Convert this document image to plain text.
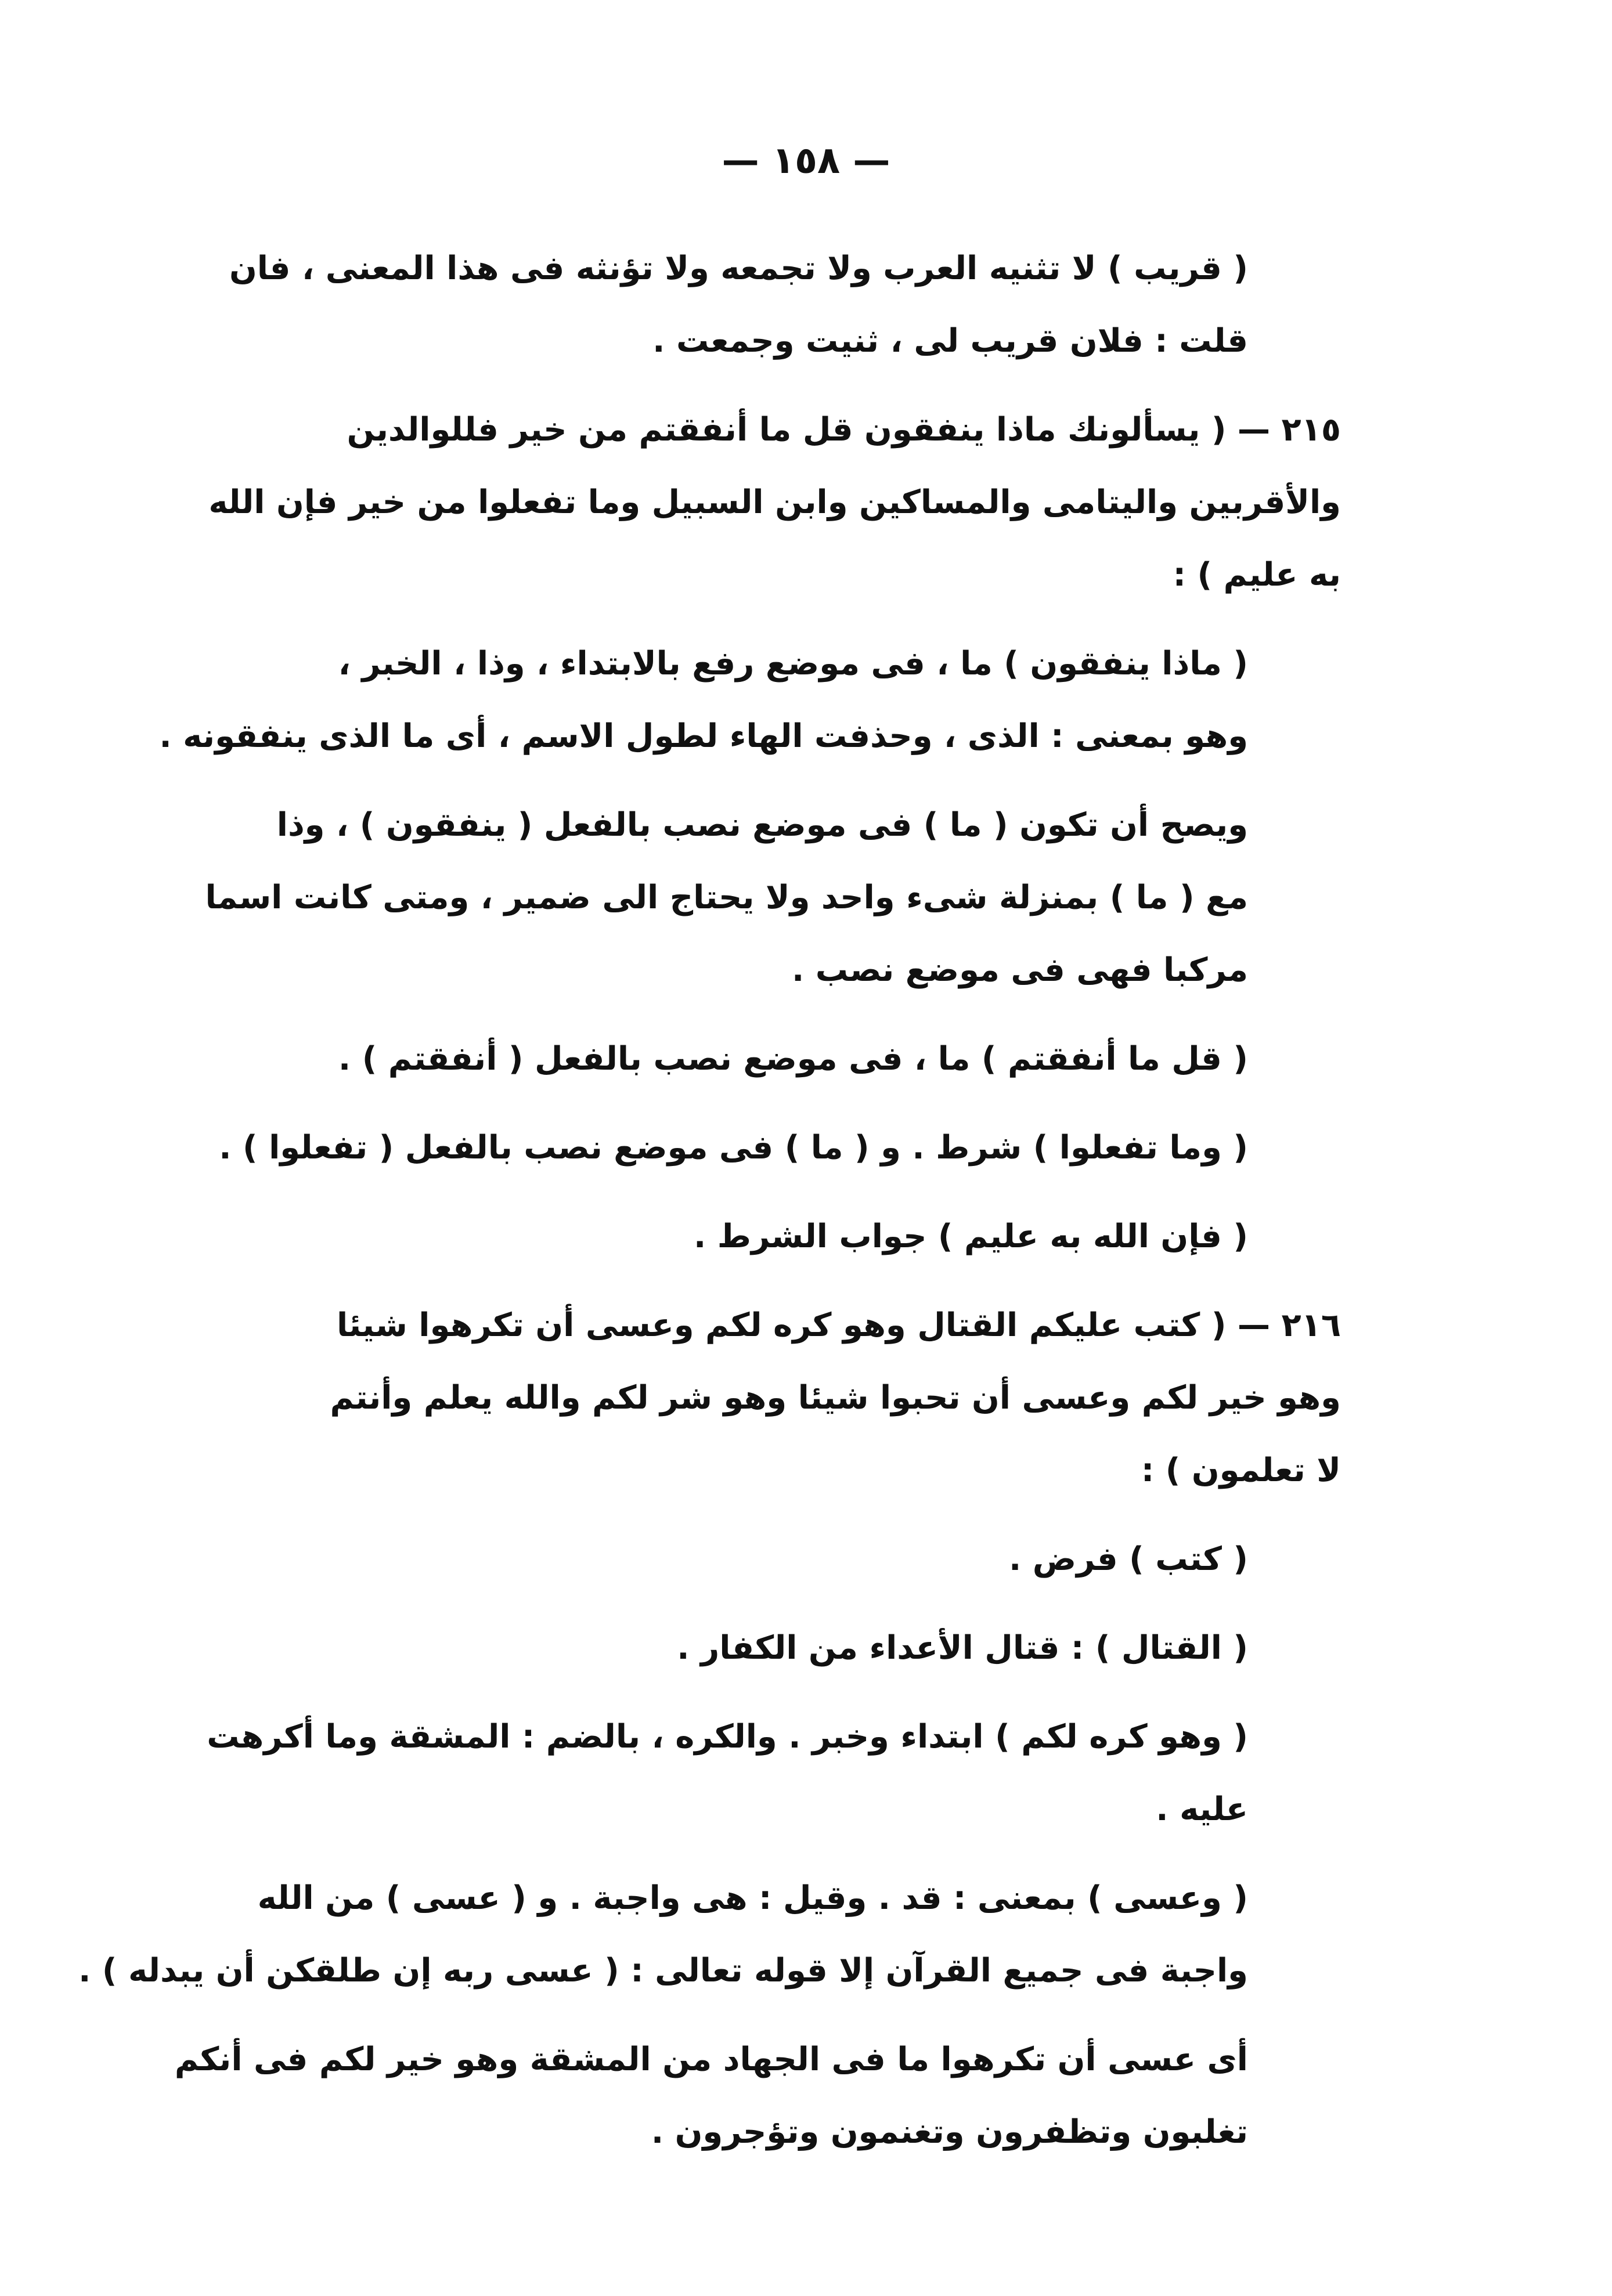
— ١٥٨ —
( قريب ) لا تثنيه العرب ولا تجمعه ولا تؤنثه فى هذا المعنى ، فان
قلت : فلان قريب لى ، ثنيت وجمعت .
٢١٥ — ( يسألونك ماذا ينفقون قل ما أنفقتم من خير فللوالدين
والأقربين واليتامى والمساكين وابن السبيل وما تفعلوا من خير فإن الله
به عليم ) :
( ماذا ينفقون ) ما ، فى موضع رفع بالابتداء ، وذا ، الخبر ،
وهو بمعنى : الذى ، وحذفت الهاء لطول الاسم ، أى ما الذى ينفقونه .
ويصح أن تكون ( ما ) فى موضع نصب بالفعل ( ينفقون ) ، وذا
مع ( ما ) بمنزلة شىء واحد ولا يحتاج الى ضمير ، ومتى كانت اسما
مركبا فهى فى موضع نصب .
( قل ما أنفقتم ) ما ، فى موضع نصب بالفعل ( أنفقتم ) .
( وما تفعلوا ) شرط . و ( ما ) فى موضع نصب بالفعل ( تفعلوا ) .
( فإن الله به عليم ) جواب الشرط .
٢١٦ — ( كتب عليكم القتال وهو كره لكم وعسى أن تكرهوا شيئا
وهو خير لكم وعسى أن تحبوا شيئا وهو شر لكم والله يعلم وأنتم
لا تعلمون ) :
( كتب ) فرض .
( القتال ) : قتال الأعداء من الكفار .
( وهو كره لكم ) ابتداء وخبر . والكره ، بالضم : المشقة وما أكرهت
عليه .
( وعسى ) بمعنى : قد . وقيل : هى واجبة . و ( عسى ) من الله
واجبة فى جميع القرآن إلا قوله تعالى : ( عسى ربه إن طلقكن أن يبدله ) .
أى عسى أن تكرهوا ما فى الجهاد من المشقة وهو خير لكم فى أنكم
تغلبون وتظفرون وتغنمون وتؤجرون .
